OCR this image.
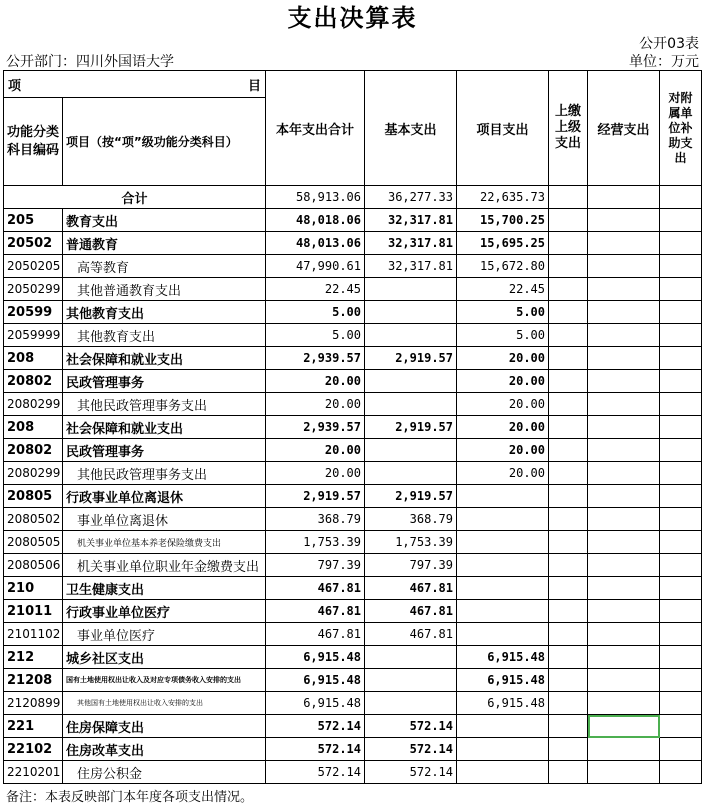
支出决算表
公开03表
公开部门：四川外国语大学	单位：万元
项 目		本年支出合计	基本支出	项目支出	上缴上级支出	经营支出	对附属单位补助支出
功能分类科目编码	项目（按“项”级功能分类科目）						
合计		58,913.06	36,277.33	22,635.73			
205	教育支出	48,018.06	32,317.81	15,700.25			
20502	普通教育	48,013.06	32,317.81	15,695.25			
2050205	高等教育	47,990.61	32,317.81	15,672.80			
2050299	其他普通教育支出	22.45		22.45			
20599	其他教育支出	5.00		5.00			
2059999	其他教育支出	5.00		5.00			
208	社会保障和就业支出	2,939.57	2,919.57	20.00			
20802	民政管理事务	20.00		20.00			
2080299	其他民政管理事务支出	20.00		20.00			
208	社会保障和就业支出	2,939.57	2,919.57	20.00			
20802	民政管理事务	20.00		20.00			
2080299	其他民政管理事务支出	20.00		20.00			
20805	行政事业单位离退休	2,919.57	2,919.57				
2080502	事业单位离退休	368.79	368.79				
2080505	机关事业单位基本养老保险缴费支出	1,753.39	1,753.39				
2080506	机关事业单位职业年金缴费支出	797.39	797.39				
210	卫生健康支出	467.81	467.81				
21011	行政事业单位医疗	467.81	467.81				
2101102	事业单位医疗	467.81	467.81				
212	城乡社区支出	6,915.48		6,915.48			
21208	国有土地使用权出让收入及对应专项债务收入安排的支出	6,915.48		6,915.48			
2120899	其他国有土地使用权出让收入安排的支出	6,915.48		6,915.48			
221	住房保障支出	572.14	572.14				
22102	住房改革支出	572.14	572.14				
2210201	住房公积金	572.14	572.14				
备注：本表反映部门本年度各项支出情况。
